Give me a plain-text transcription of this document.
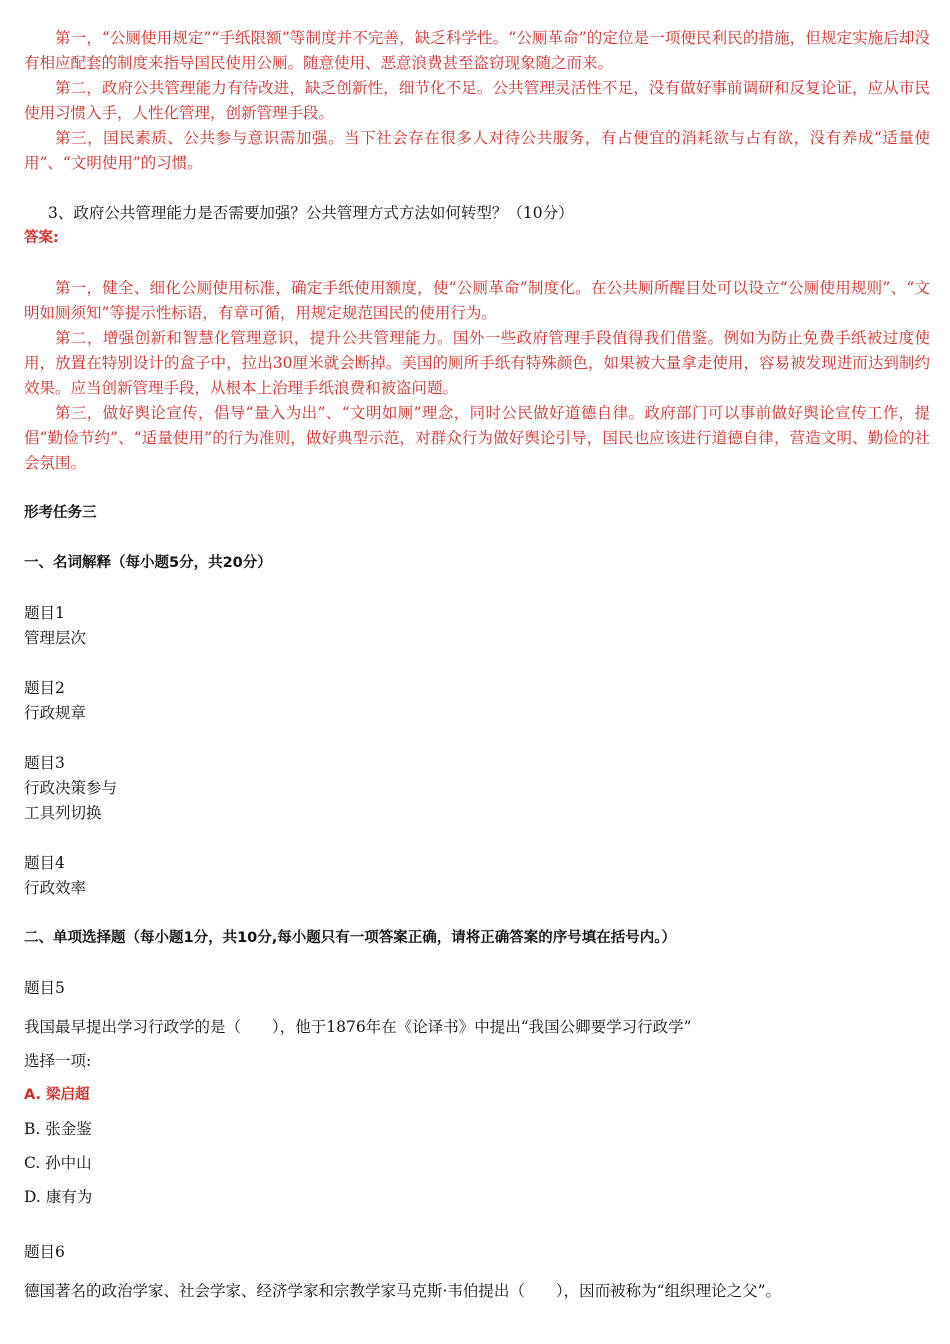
第一，“公厕使用规定”“手纸限额”等制度并不完善，缺乏科学性。“公厕革命”的定位是一项便民利民的措施，但规定实施后却没有相应配套的制度来指导国民使用公厕。随意使用、恶意浪费甚至盗窃现象随之而来。

第二，政府公共管理能力有待改进，缺乏创新性，细节化不足。公共管理灵活性不足，没有做好事前调研和反复论证，应从市民使用习惯入手，人性化管理，创新管理手段。

第三，国民素质、公共参与意识需加强。当下社会存在很多人对待公共服务，有占便宜的消耗欲与占有欲，没有养成“适量使用”、“文明使用”的习惯。

3、政府公共管理能力是否需要加强？公共管理方式方法如何转型？（10分）

答案:

第一，健全、细化公厕使用标准，确定手纸使用额度，使“公厕革命”制度化。在公共厕所醒目处可以设立“公厕使用规则”、“文明如厕须知”等提示性标语，有章可循，用规定规范国民的使用行为。

第二，增强创新和智慧化管理意识，提升公共管理能力。国外一些政府管理手段值得我们借鉴。例如为防止免费手纸被过度使用，放置在特别设计的盒子中，拉出30厘米就会断掉。美国的厕所手纸有特殊颜色，如果被大量拿走使用，容易被发现进而达到制约效果。应当创新管理手段，从根本上治理手纸浪费和被盗问题。

第三，做好舆论宣传，倡导“量入为出”、“文明如厕”理念，同时公民做好道德自律。政府部门可以事前做好舆论宣传工作，提倡“勤俭节约”、“适量使用”的行为准则，做好典型示范，对群众行为做好舆论引导，国民也应该进行道德自律，营造文明、勤俭的社会氛围。

形考任务三

一、名词解释（每小题5分，共20分）

题目1

管理层次

题目2

行政规章

题目3

行政决策参与

工具列切换

题目4

行政效率

二、单项选择题（每小题1分，共10分,每小题只有一项答案正确，请将正确答案的序号填在括号内。）

题目5

我国最早提出学习行政学的是（　　），他于1876年在《论译书》中提出“我国公卿要学习行政学”

选择一项:

A. 梁启超

B. 张金鉴

C. 孙中山

D. 康有为

题目6

德国著名的政治学家、社会学家、经济学家和宗教学家马克斯·韦伯提出（　　），因而被称为“组织理论之父”。
